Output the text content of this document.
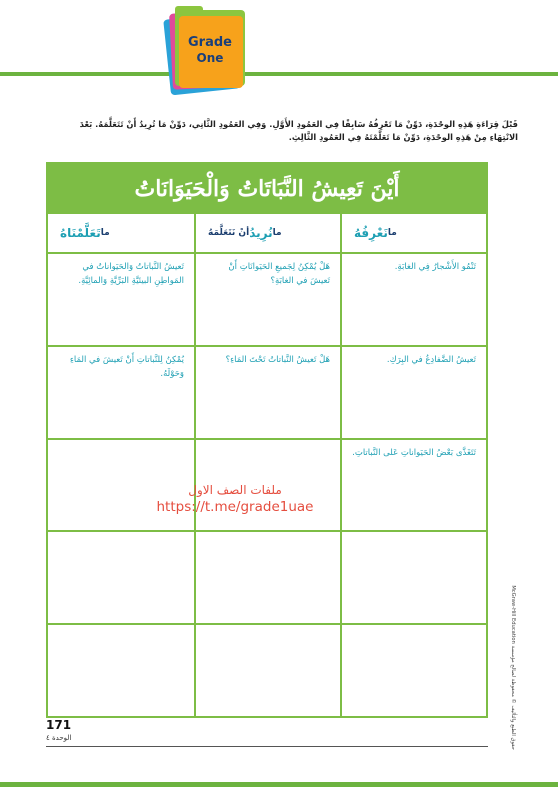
Grade
One
قَبْلَ قِرَاءَةِ هَذِهِ الوحْدَةِ، دَوِّنْ مَا تَعْرِفُهُ سَابِقًا فِي العَمُودِ الأَوَّلِ. وَفِي العَمُودِ الثَّانِي، دَوِّنْ مَا تُرِيدُ أَنْ تَتَعَلَّمَهُ. بَعْدَ الانْتِهَاءِ مِنْ هَذِهِ الوحْدَةِ، دَوِّنْ مَا تَعَلَّمْتَهُ فِي العَمُودِ الثَّالِثِ.
أَيْنَ تَعِيشُ النَّبَاتَاتُ وَالْحَيَوَانَاتُ
ما
نَعْرِفُهُ
ما
نُرِيدُ
أنْ نَتَعَلَّمَهُ
ما
تَعَلَّمْنَاهُ
تَنْمُو الأَشْجارُ فِي الغابَةِ.
هَلْ يُمْكِنُ لِجَميعِ الحَيَوانَاتِ أَنْ تَعيشَ في الغابَةِ؟
تَعيشُ النَّباتاتُ وَالحَيَواناتُ في المَواطِنِ البيئيَّةِ البَرِّيَّةِ وَالمائِيَّةِ.
تَعيشُ الضَّفادِعُ في البِرَكِ.
هَلْ تَعيشُ النَّباتاتُ تَحْتَ المَاءِ؟
يُمْكِنُ لِلنَّباتاتِ أَنْ تَعيشَ في المَاءِ وَحَوْلَهُ.
تَتَغَذَّى بَعْضُ الحَيَواناتِ عَلى النَّباتاتِ.
ملفات الصف الاول
https://t.me/grade1uae
حقوق الطبع والتأليف © محفوظة لصالح مؤسسة McGraw-Hill Education
171
الوحدة ٤
